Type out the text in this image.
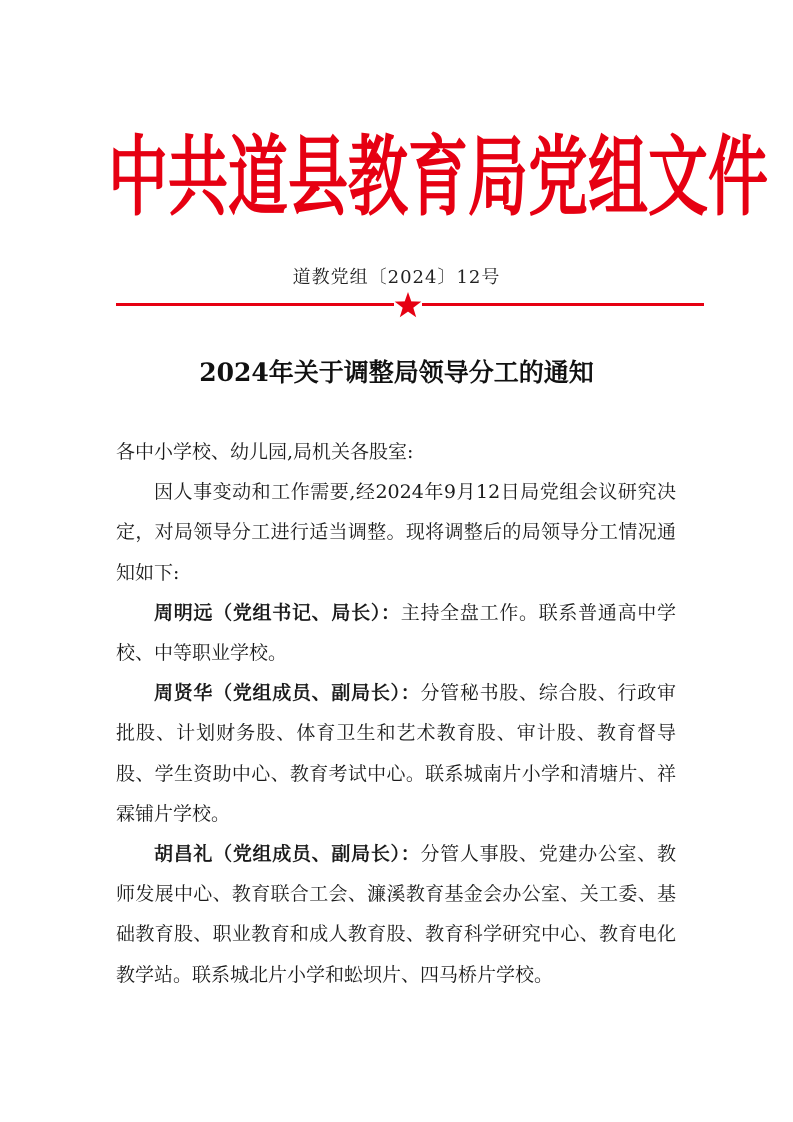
中共道县教育局党组文件
道教党组〔2024〕12号
2024年关于调整局领导分工的通知

各中小学校、幼儿园,局机关各股室:

因人事变动和工作需要,经2024年9月12日局党组会议研究决定，对局领导分工进行适当调整。现将调整后的局领导分工情况通知如下:

周明远（党组书记、局长）：主持全盘工作。联系普通高中学校、中等职业学校。

周贤华（党组成员、副局长）：分管秘书股、综合股、行政审批股、计划财务股、体育卫生和艺术教育股、审计股、教育督导股、学生资助中心、教育考试中心。联系城南片小学和清塘片、祥霖铺片学校。

胡昌礼（党组成员、副局长）：分管人事股、党建办公室、教师发展中心、教育联合工会、濂溪教育基金会办公室、关工委、基础教育股、职业教育和成人教育股、教育科学研究中心、教育电化教学站。联系城北片小学和蚣坝片、四马桥片学校。
